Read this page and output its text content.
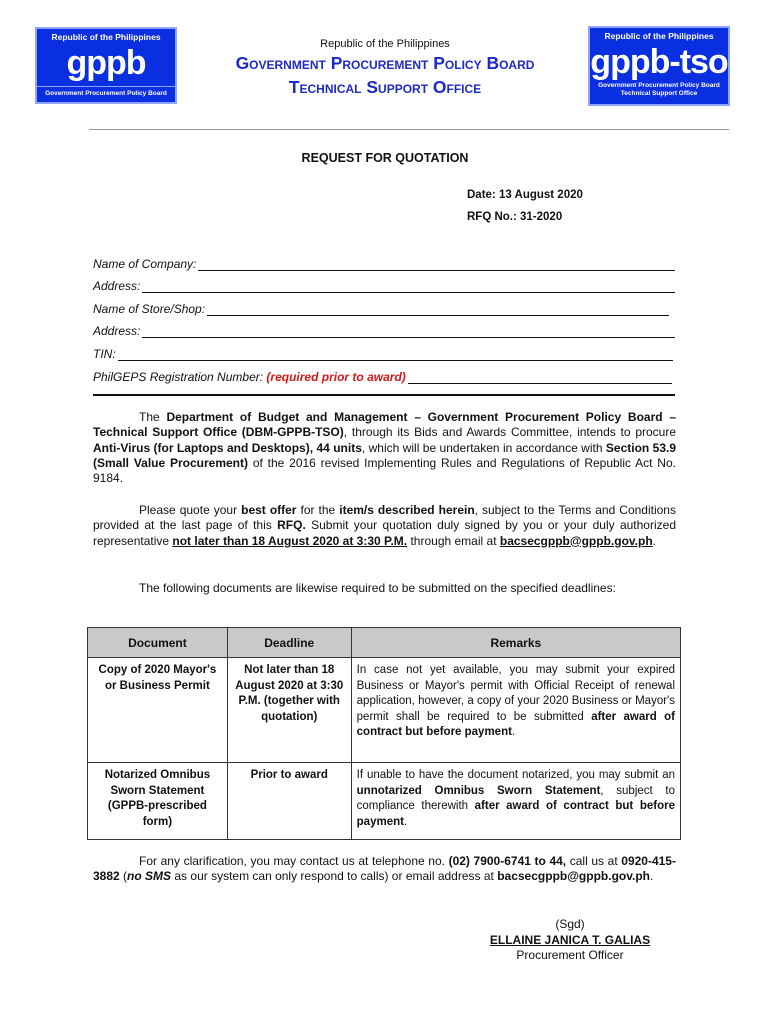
Republic of the Philippines
gppb
Government Procurement Policy Board
Republic of the Philippines
gppb-tso
Government Procurement Policy Board
Technical Support Office
Republic of the Philippines
Government Procurement Policy Board
Technical Support Office
REQUEST FOR QUOTATION
Date: 13 August 2020
RFQ No.: 31-2020
Name of Company:
Address:
Name of Store/Shop:
Address:
TIN:
PhilGEPS Registration Number: (required prior to award)
The Department of Budget and Management – Government Procurement Policy Board – Technical Support Office (DBM-GPPB-TSO), through its Bids and Awards Committee, intends to procure Anti-Virus (for Laptops and Desktops), 44 units, which will be undertaken in accordance with Section 53.9 (Small Value Procurement) of the 2016 revised Implementing Rules and Regulations of Republic Act No. 9184.
Please quote your best offer for the item/s described herein, subject to the Terms and Conditions provided at the last page of this RFQ. Submit your quotation duly signed by you or your duly authorized representative not later than 18 August 2020 at 3:30 P.M. through email at bacsecgppb@gppb.gov.ph.
The following documents are likewise required to be submitted on the specified deadlines:
Document	Deadline	Remarks
Copy of 2020 Mayor's or Business Permit	Not later than 18 August 2020 at 3:30 P.M. (together with quotation)	In case not yet available, you may submit your expired Business or Mayor's permit with Official Receipt of renewal application, however, a copy of your 2020 Business or Mayor's permit shall be required to be submitted after award of contract but before payment.
Notarized Omnibus Sworn Statement (GPPB-prescribed form)	Prior to award	If unable to have the document notarized, you may submit an unnotarized Omnibus Sworn Statement, subject to compliance therewith after award of contract but before payment.
For any clarification, you may contact us at telephone no. (02) 7900-6741 to 44, call us at 0920-415-3882 (no SMS as our system can only respond to calls) or email address at bacsecgppb@gppb.gov.ph.
(Sgd)
ELLAINE JANICA T. GALIAS
Procurement Officer
